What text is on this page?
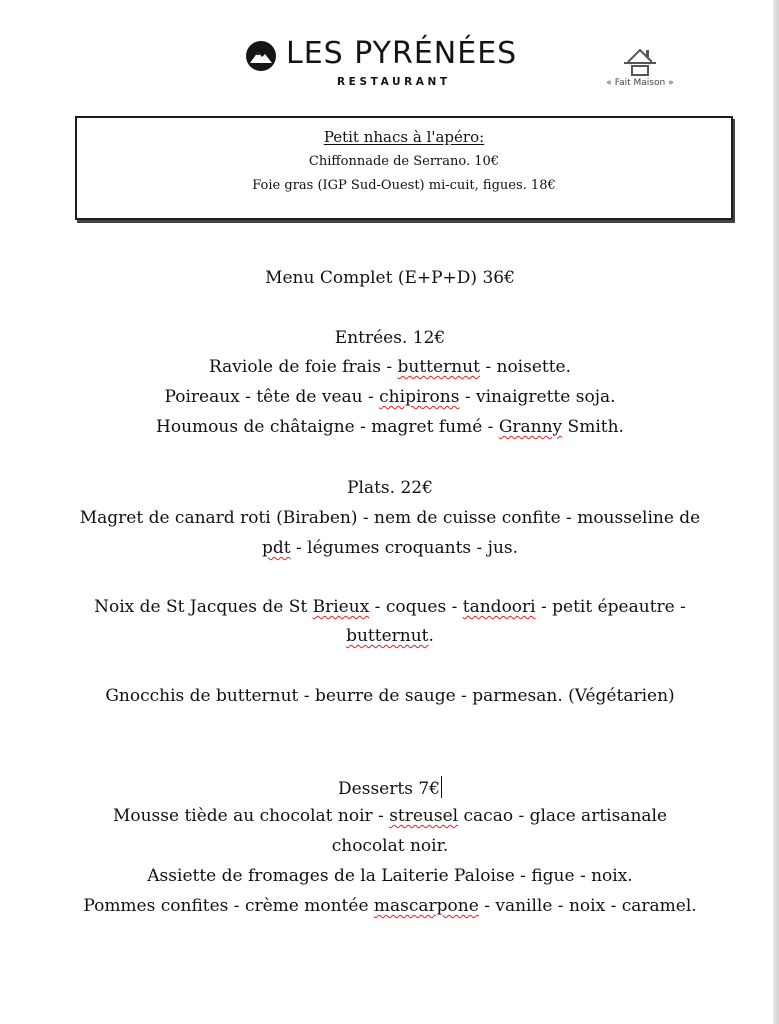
LES PYRÉNÉES
RESTAURANT	« Fait Maison »
Petit nhacs à l'apéro:
Chiffonnade de Serrano. 10€
Foie gras (IGP Sud-Ouest) mi-cuit, figues. 18€
Menu Complet (E+P+D) 36€
Entrées. 12€
Raviole de foie frais - butternut - noisette.
Poireaux - tête de veau - chipirons - vinaigrette soja.
Houmous de châtaigne - magret fumé - Granny Smith.
Plats. 22€
Magret de canard roti (Biraben) - nem de cuisse confite - mousseline de
pdt - légumes croquants - jus.
Noix de St Jacques de St Brieux - coques - tandoori - petit épeautre -
butternut.
Gnocchis de butternut - beurre de sauge - parmesan. (Végétarien)
Desserts 7€
Mousse tiède au chocolat noir - streusel cacao - glace artisanale
chocolat noir.
Assiette de fromages de la Laiterie Paloise - figue - noix.
Pommes confites - crème montée mascarpone - vanille - noix - caramel.
